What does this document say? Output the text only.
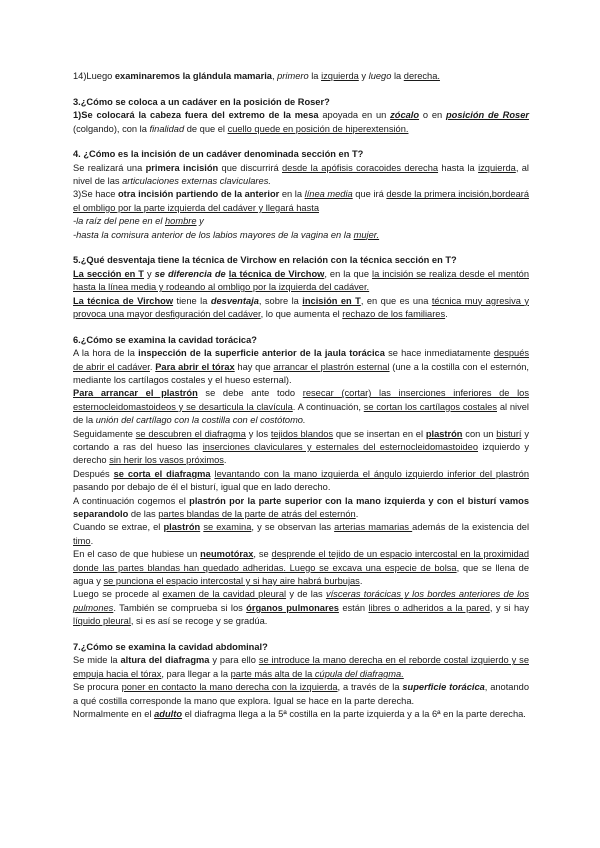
14)Luego examinaremos la glándula mamaria, primero la izquierda y luego la derecha.

3.¿Cómo se coloca a un cadáver en la posición de Roser?

1)Se colocará la cabeza fuera del extremo de la mesa apoyada en un zócalo o en posición de Roser (colgando), con la finalidad de que el cuello quede en posición de hiperextensión.

4. ¿Cómo es la incisión de un cadáver denominada sección en T?

Se realizará una primera incisión que discurrirá desde la apófisis coracoides derecha hasta la izquierda, al nivel de las articulaciones externas claviculares.

3)Se hace otra incisión partiendo de la anterior en la línea media que irá desde la primera incisión,bordeará el ombligo por la parte izquierda del cadáver y llegará hasta

-la raíz del pene en el hombre y

-hasta la comisura anterior de los labios mayores de la vagina en la mujer.

5.¿Qué desventaja tiene la técnica de Virchow en relación con la técnica sección en T?

La sección en T y se diferencia de la técnica de Virchow, en la que la incisión se realiza desde el mentón hasta la línea media y rodeando al ombligo por la izquierda del cadáver.

La técnica de Virchow tiene la desventaja, sobre la incisión en T, en que es una técnica muy agresiva y provoca una mayor desfiguración del cadáver, lo que aumenta el rechazo de los familiares.

6.¿Cómo se examina la cavidad torácica?

A la hora de la inspección de la superficie anterior de la jaula torácica se hace inmediatamente después de abrir el cadáver. Para abrir el tórax hay que arrancar el plastrón esternal (une a la costilla con el esternón, mediante los cartílagos costales y el hueso esternal).

Para arrancar el plastrón se debe ante todo resecar (cortar) las inserciones inferiores de los esternocleidomastoideos y se desarticula la clavícula. A continuación, se cortan los cartílagos costales al nivel de la unión del cartílago con la costilla con el costótomo.

Seguidamente se descubren el diafragma y los tejidos blandos que se insertan en el plastrón con un bisturí y cortando a ras del hueso las inserciones claviculares y esternales del esternocleidomastoideo izquierdo y derecho sin herir los vasos próximos.

Después se corta el diafragma levantando con la mano izquierda el ángulo izquierdo inferior del plastrón pasando por debajo de él el bisturí, igual que en lado derecho.

A continuación cogemos el plastrón por la parte superior con la mano izquierda y con el bisturí vamos separandolo de las partes blandas de la parte de atrás del esternón.

Cuando se extrae, el plastrón se examina, y se observan las arterias mamarias además de la existencia del timo.

En el caso de que hubiese un neumotórax, se desprende el tejido de un espacio intercostal en la proximidad donde las partes blandas han quedado adheridas. Luego se excava una especie de bolsa, que se llena de agua y se punciona el espacio intercostal y si hay aire habrá burbujas.

Luego se procede al examen de la cavidad pleural y de las vísceras torácicas y los bordes anteriores de los pulmones. También se comprueba si los órganos pulmonares están libres o adheridos a la pared, y si hay líquido pleural, si es así se recoge y se gradúa.

7.¿Cómo se examina la cavidad abdominal?

Se mide la altura del diafragma y para ello se introduce la mano derecha en el reborde costal izquierdo y se empuja hacia el tórax, para llegar a la parte más alta de la cúpula del diafragma.

Se procura poner en contacto la mano derecha con la izquierda, a través de la superficie torácica, anotando a qué costilla corresponde la mano que explora. Igual se hace en la parte derecha.

Normalmente en el adulto el diafragma llega a la 5ª costilla en la parte izquierda y a la 6ª en la parte derecha.
